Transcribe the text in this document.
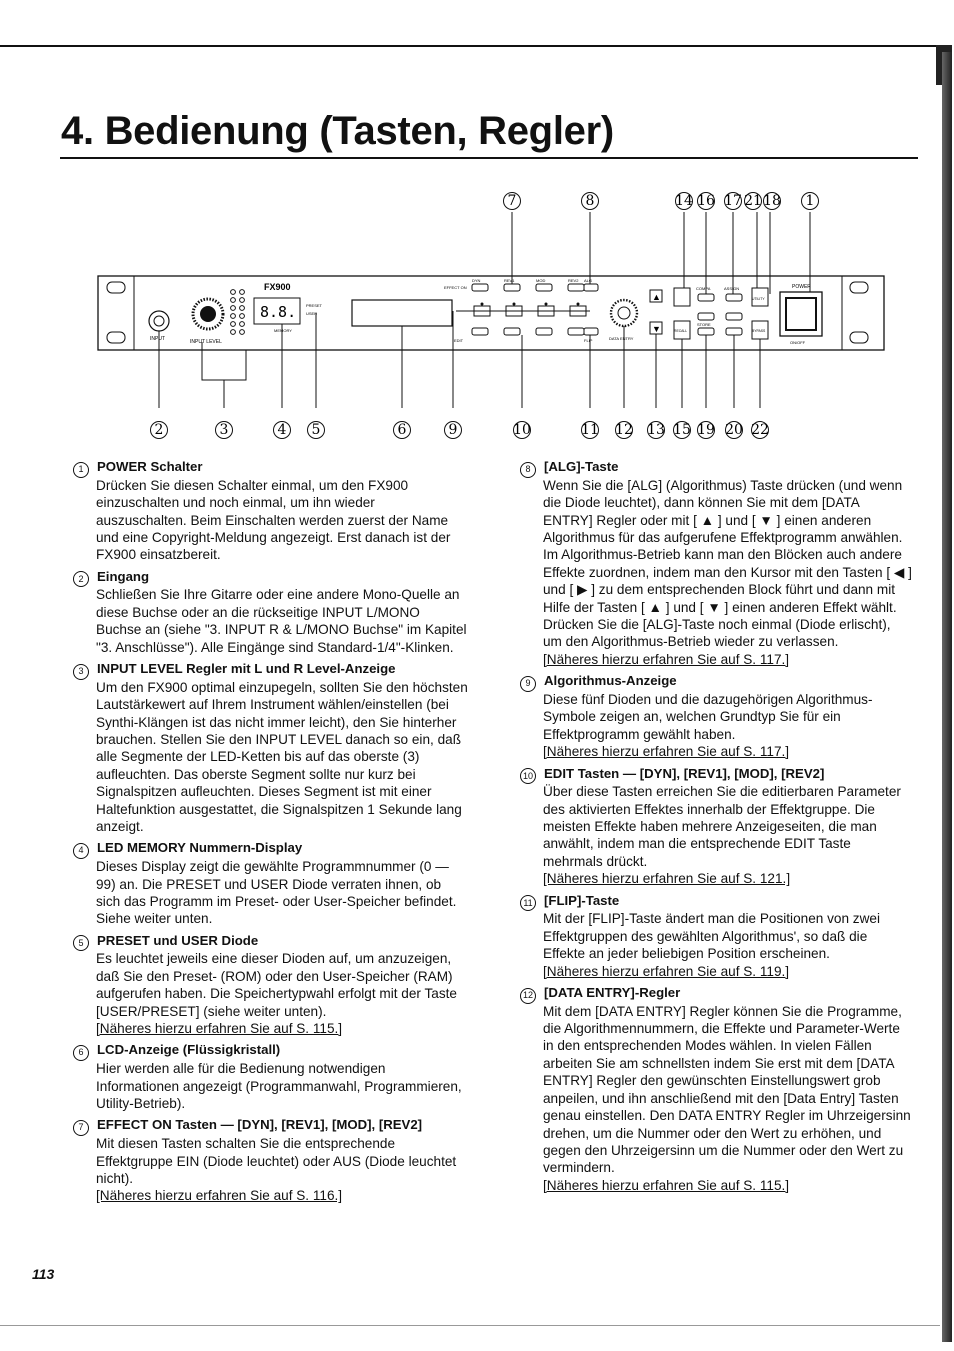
4. Bedienung (Tasten, Regler)
INPUT	INPUT LEVEL
FX900
8.8. PRESET
USER
MEMORY
EFFECT ON
DYN	REV1	MOD	REV2 ALG
EDIT	FLIP	DATA ENTRY
▲
▼
COMPA	ASSIGN
UTILITY
RECALL
STORE
BYPASS
POWER
ON/OFF
7	8	14 16 17 21 18 1
2	3	4 5	6	9	10	11 12 13 15 19 20 22
1	POWER Schalter

Drücken Sie diesen Schalter einmal, um den FX900 einzuschalten und noch einmal, um ihn wieder auszuschalten. Beim Einschalten werden zuerst der Name und eine Copyright-Meldung angezeigt. Erst danach ist der FX900 einsatzbereit.

2	Eingang

Schließen Sie Ihre Gitarre oder eine andere Mono-Quelle an diese Buchse oder an die rückseitige INPUT L/MONO Buchse an (siehe "3. INPUT R & L/MONO Buchse" im Kapitel "3. Anschlüsse"). Alle Eingänge sind Standard-1/4"-Klinken.

3	INPUT LEVEL Regler mit L und R Level-Anzeige

Um den FX900 optimal einzupegeln, sollten Sie den höchsten Lautstärkewert auf Ihrem Instrument wählen/einstellen (bei Synthi-Klängen ist das nicht immer leicht), den Sie hinterher brauchen. Stellen Sie den INPUT LEVEL danach so ein, daß alle Segmente der LED-Ketten bis auf das oberste (3) aufleuchten. Das oberste Segment sollte nur kurz bei Signalspitzen aufleuchten. Dieses Segment ist mit einer Haltefunktion ausgestattet, die Signalspitzen 1 Sekunde lang anzeigt.

4	LED MEMORY Nummern-Display

Dieses Display zeigt die gewählte Programmnummer (0 — 99) an. Die PRESET und USER Diode verraten ihnen, ob sich das Programm im Preset- oder User-Speicher befindet. Siehe weiter unten.

5	PRESET und USER Diode

Es leuchtet jeweils eine dieser Dioden auf, um anzuzeigen, daß Sie den Preset- (ROM) oder den User-Speicher (RAM) aufgerufen haben. Die Speichertypwahl erfolgt mit der Taste [USER/PRESET] (siehe weiter unten).

[Näheres hierzu erfahren Sie auf S. 115.]
6	LCD-Anzeige (Flüssigkristall)

Hier werden alle für die Bedienung notwendigen Informationen angezeigt (Programmanwahl, Programmieren, Utility-Betrieb).

7	EFFECT ON Tasten — [DYN], [REV1], [MOD], [REV2]

Mit diesen Tasten schalten Sie die entsprechende Effektgruppe EIN (Diode leuchtet) oder AUS (Diode leuchtet nicht).

[Näheres hierzu erfahren Sie auf S. 116.]
8	[ALG]-Taste

Wenn Sie die [ALG] (Algorithmus) Taste drücken (und wenn die Diode leuchtet), dann können Sie mit dem [DATA ENTRY] Regler oder mit [ ▲ ] und [ ▼ ] einen anderen Algorithmus für das aufgerufene Effektprogramm anwählen. Im Algorithmus-Betrieb kann man den Blöcken auch andere Effekte zuordnen, indem man den Kursor mit den Tasten [ ◀ ] und [ ▶ ] zu dem entsprechenden Block führt und dann mit Hilfe der Tasten [ ▲ ] und [ ▼ ] einen anderen Effekt wählt. Drücken Sie die [ALG]-Taste noch einmal (Diode erlischt), um den Algorithmus-Betrieb wieder zu verlassen.

[Näheres hierzu erfahren Sie auf S. 117.]
9	Algorithmus-Anzeige

Diese fünf Dioden und die dazugehörigen Algorithmus-Symbole zeigen an, welchen Grundtyp Sie für ein Effektprogramm gewählt haben.

[Näheres hierzu erfahren Sie auf S. 117.]
10 EDIT Tasten — [DYN], [REV1], [MOD], [REV2]

Über diese Tasten erreichen Sie die editierbaren Parameter des aktivierten Effektes innerhalb der Effektgruppe. Die meisten Effekte haben mehrere Anzeigeseiten, die man anwählt, indem man die entsprechende EDIT Taste mehrmals drückt.

[Näheres hierzu erfahren Sie auf S. 121.]
11 [FLIP]-Taste

Mit der [FLIP]-Taste ändert man die Positionen von zwei Effektgruppen des gewählten Algorithmus', so daß die Effekte an jeder beliebigen Position erscheinen.

[Näheres hierzu erfahren Sie auf S. 119.]
12 [DATA ENTRY]-Regler

Mit dem [DATA ENTRY] Regler können Sie die Programme, die Algorithmennummern, die Effekte und Parameter-Werte in den entsprechenden Modes wählen. In vielen Fällen arbeiten Sie am schnellsten indem Sie erst mit dem [DATA ENTRY] Regler den gewünschten Einstellungswert grob anpeilen, und ihn anschließend mit den [Data Entry] Tasten genau einstellen. Den DATA ENTRY Regler im Uhrzeigersinn drehen, um die Nummer oder den Wert zu erhöhen, und gegen den Uhrzeigersinn um die Nummer oder den Wert zu vermindern.

[Näheres hierzu erfahren Sie auf S. 115.]
113
